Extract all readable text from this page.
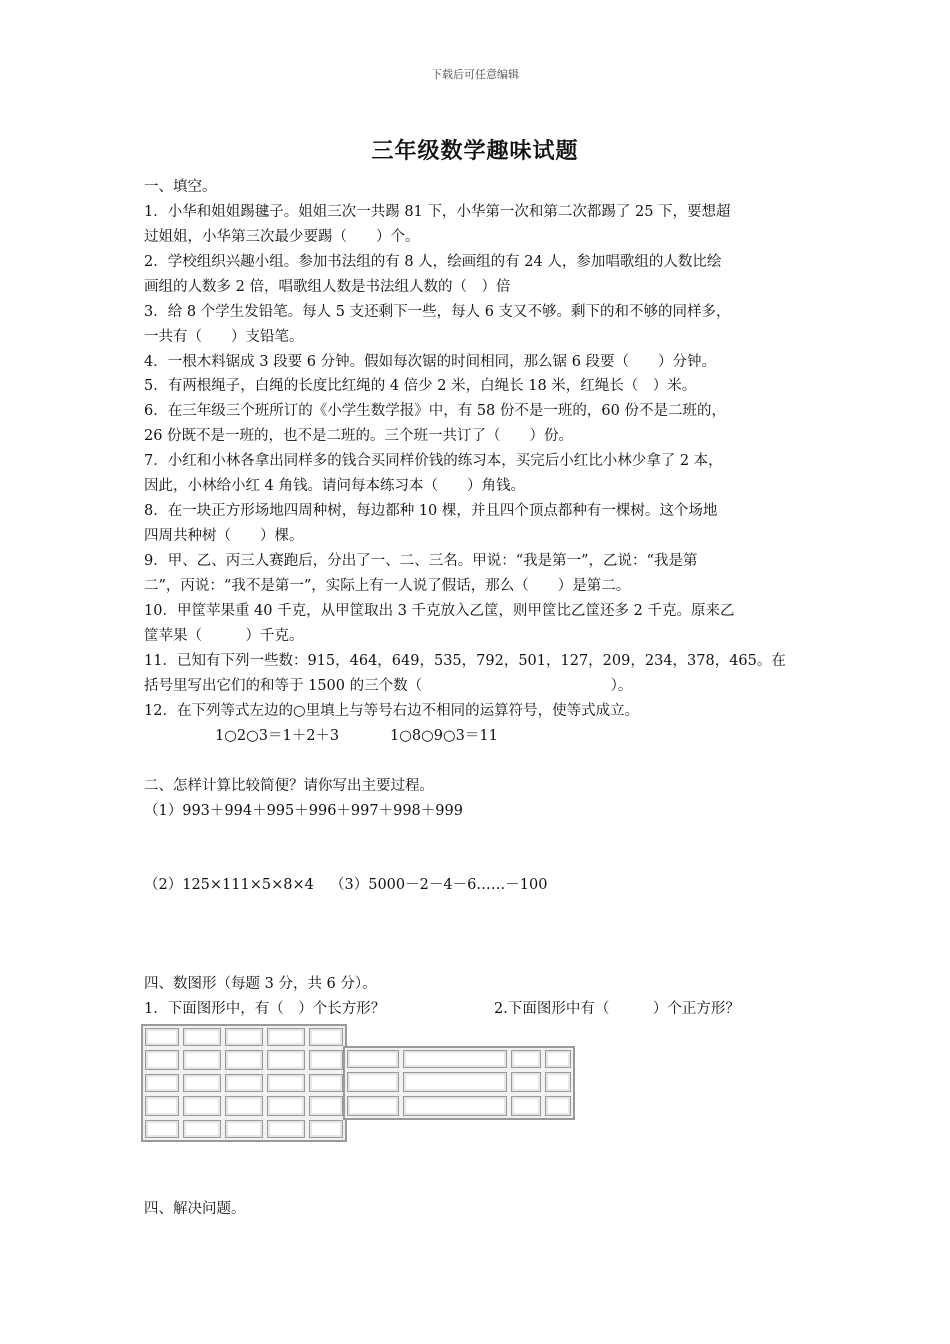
下载后可任意编辑
三年级数学趣味试题
一、填空。
1．小华和姐姐踢毽子。姐姐三次一共踢 81 下，小华第一次和第二次都踢了 25 下，要想超
过姐姐，小华第三次最少要踢（　　）个。
2．学校组织兴趣小组。参加书法组的有 8 人，绘画组的有 24 人，参加唱歌组的人数比绘
画组的人数多 2 倍，唱歌组人数是书法组人数的（　）倍
3．给 8 个学生发铅笔。每人 5 支还剩下一些，每人 6 支又不够。剩下的和不够的同样多，
一共有（　　）支铅笔。
4．一根木料锯成 3 段要 6 分钟。假如每次锯的时间相同，那么锯 6 段要（　　）分钟。
5．有两根绳子，白绳的长度比红绳的 4 倍少 2 米，白绳长 18 米，红绳长（　）米。
6．在三年级三个班所订的《小学生数学报》中，有 58 份不是一班的，60 份不是二班的，
26 份既不是一班的，也不是二班的。三个班一共订了（　　）份。
7．小红和小林各拿出同样多的钱合买同样价钱的练习本，买完后小红比小林少拿了 2 本，
因此，小林给小红 4 角钱。请问每本练习本（　　）角钱。
8．在一块正方形场地四周种树，每边都种 10 棵，并且四个顶点都种有一棵树。这个场地
四周共种树（　　）棵。
9．甲、乙、丙三人赛跑后，分出了一、二、三名。甲说：“我是第一”，乙说：“我是第
二”，丙说：“我不是第一”，实际上有一人说了假话，那么（　　）是第二。
10．甲筐苹果重 40 千克，从甲筐取出 3 千克放入乙筐，则甲筐比乙筐还多 2 千克。原来乙
筐苹果（　　　）千克。
11．已知有下列一些数：915，464，649，535，792，501，127，209，234，378，465。在
括号里写出它们的和等于 1500 的三个数（　　　　　　　　　　　　　）。
12．在下列等式左边的○里填上与等号右边不相同的运算符号，使等式成立。
1○2○3＝1＋2＋3	1○8○9○3＝11
二、怎样计算比较简便？请你写出主要过程。
（1）993＋994＋995＋996＋997＋998＋999
（2）125×111×5×8×4 （3）5000－2－4－6……－100
四、数图形（每题 3 分，共 6 分）。
1．下面图形中，有（　）个长方形？	2.下面图形中有（　　　）个正方形？
四、解决问题。
